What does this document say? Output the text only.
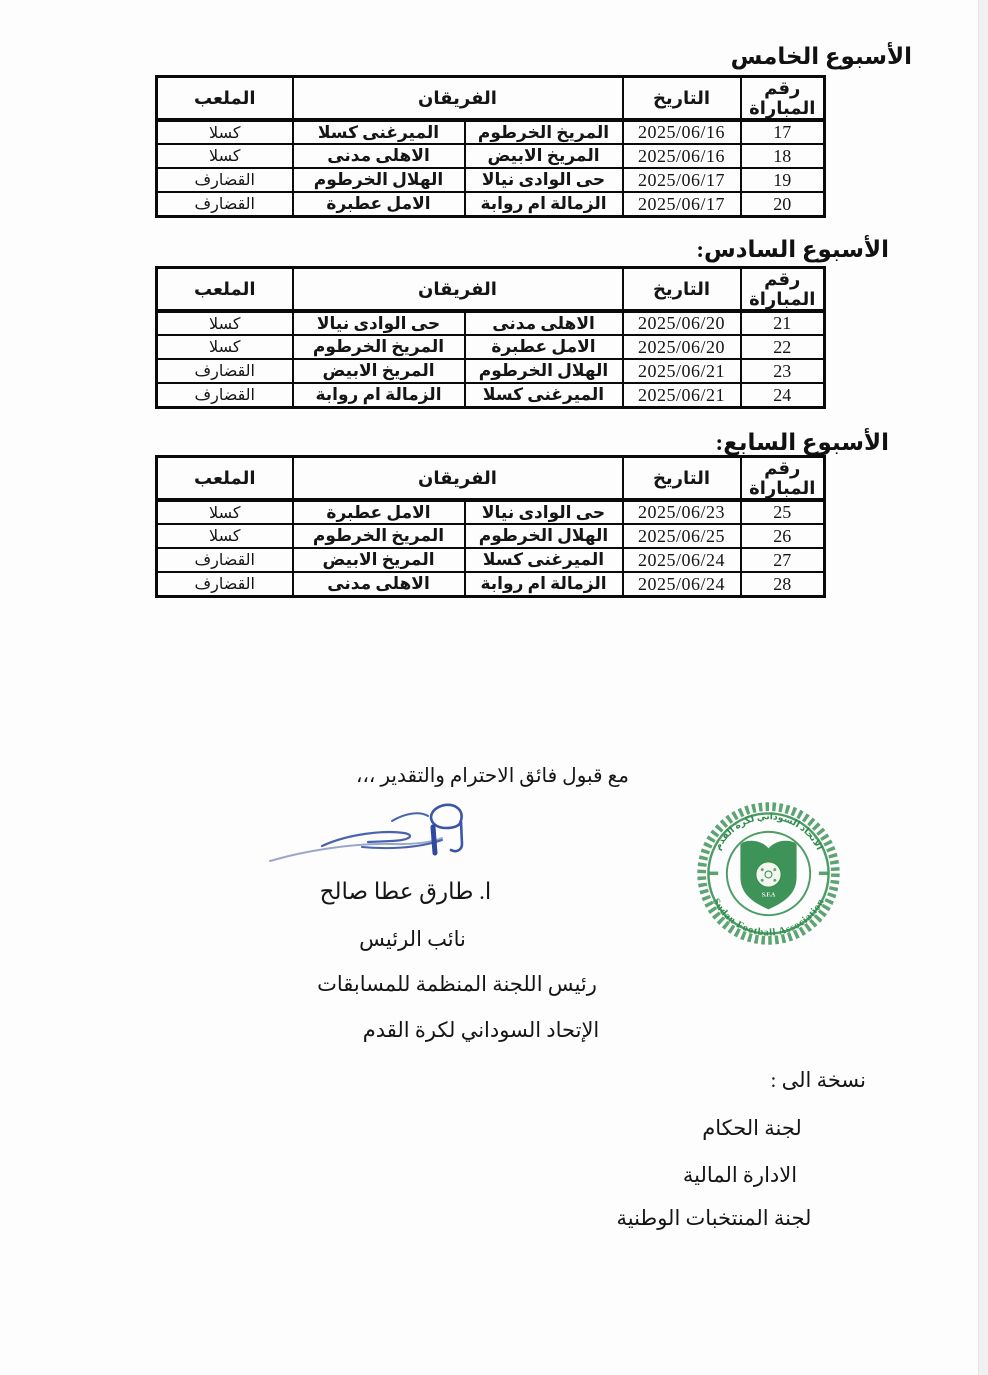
الأسبوع الخامس
رقم المباراة	التاريخ	الفريقان		الملعب
17	2025/06/16	المريخ الخرطوم	الميرغنى كسلا	كسلا
18	2025/06/16	المريخ الابيض	الاهلى مدنى	كسلا
19	2025/06/17	حى الوادى نيالا	الهلال الخرطوم	القضارف
20	2025/06/17	الزمالة ام روابة	الامل عطبرة	القضارف
الأسبوع السادس:
رقم المباراة	التاريخ	الفريقان		الملعب
21	2025/06/20	الاهلى مدنى	حى الوادى نيالا	كسلا
22	2025/06/20	الامل عطبرة	المريخ الخرطوم	كسلا
23	2025/06/21	الهلال الخرطوم	المريخ الابيض	القضارف
24	2025/06/21	الميرغنى كسلا	الزمالة ام روابة	القضارف
الأسبوع السابع:
رقم المباراة	التاريخ	الفريقان		الملعب
25	2025/06/23	حى الوادى نيالا	الامل عطبرة	كسلا
26	2025/06/25	الهلال الخرطوم	المريخ الخرطوم	كسلا
27	2025/06/24	الميرغنى كسلا	المريخ الابيض	القضارف
28	2025/06/24	الزمالة ام روابة	الاهلى مدنى	القضارف
مع قبول فائق الاحترام والتقدير ،،،
ا. طارق عطا صالح
نائب الرئيس
رئيس اللجنة المنظمة للمسابقات
الإتحاد السوداني لكرة القدم
الاتحاد السوداني لكرة القدم
Sudan Football Association
S.F.A
نسخة الى :
لجنة الحكام
الادارة المالية
لجنة المنتخبات الوطنية
